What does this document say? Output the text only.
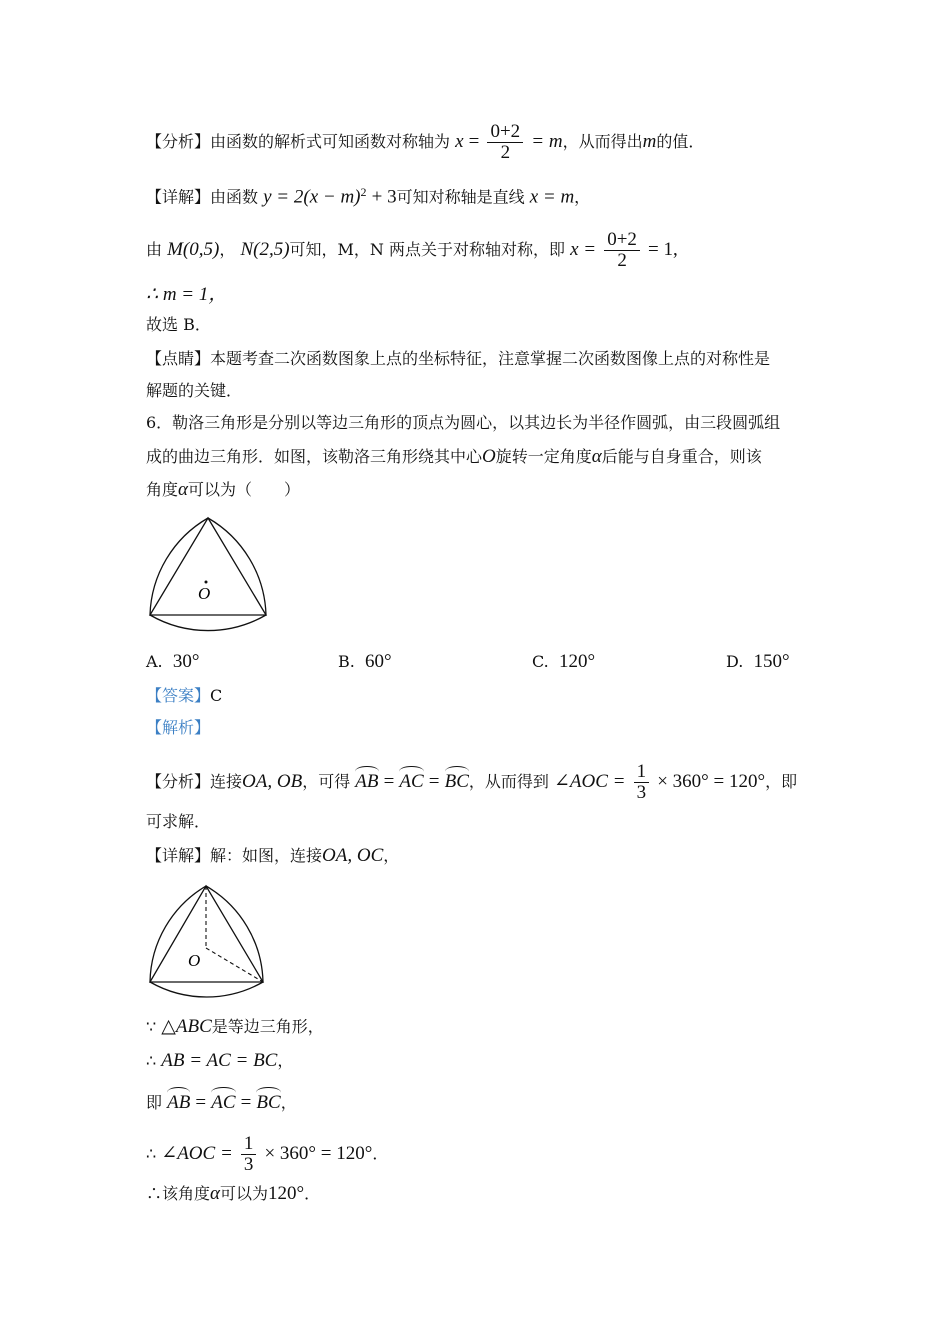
【分析】由函数的解析式可知函数对称轴为 $x = \frac{0+2}{2} = m$，从而得出m的值．
【详解】由函数 $y = 2(x - m)^2 + 3$可知对称轴是直线 x = m，
由 M(0,5)， N(2,5)可知，M，N 两点关于对称轴对称，即 $x = \frac{0+2}{2} = 1$,
∴ m = 1，
故选 B．
【点睛】本题考查二次函数图象上点的坐标特征，注意掌握二次函数图像上点的对称性是
解题的关键．
6．勒洛三角形是分别以等边三角形的顶点为圆心，以其边长为半径作圆弧，由三段圆弧组
成的曲边三角形．如图，该勒洛三角形绕其中心O旋转一定角度α后能与自身重合，则该
角度α可以为（　　）
O
A. 30°	B. 60°	C. 120°	D. 150°
【答案】C
【解析】
【分析】连接OA, OB，可得 AB = AC = BC，从而得到 ∠AOC = $\frac{1}{3} \times 360^\circ = 120^\circ$，即
可求解．
【详解】解：如图，连接OA, OC，
O
∵ △ABC是等边三角形，
∴ AB = AC = BC，
即 AB = AC = BC，
∴ ∠AOC = $\frac{1}{3} \times 360^\circ = 120^\circ$．
∴该角度α可以为120°．
